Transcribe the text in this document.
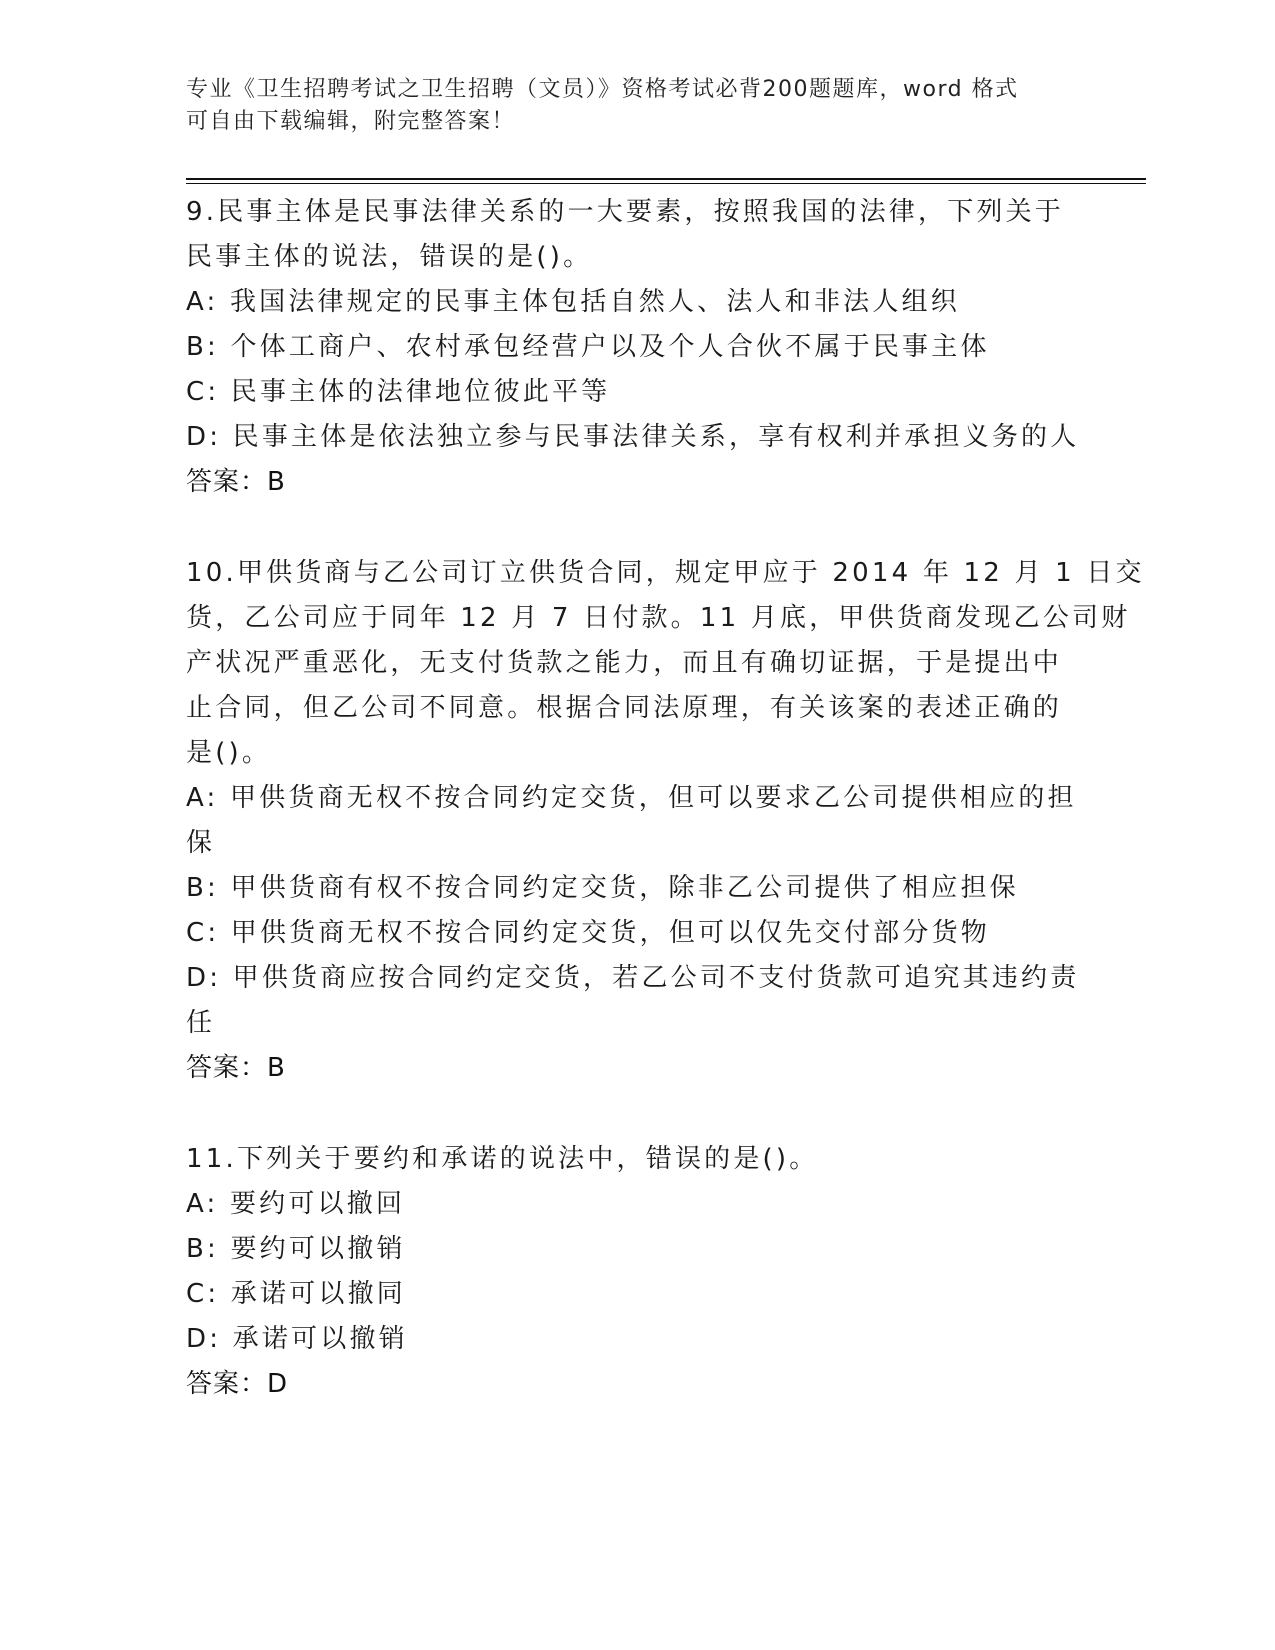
专业《卫生招聘考试之卫生招聘（文员）》资格考试必背200题题库，word 格式
可自由下载编辑，附完整答案！

9.民事主体是民事法律关系的一大要素，按照我国的法律，下列关于

民事主体的说法，错误的是()。

A: 我国法律规定的民事主体包括自然人、法人和非法人组织

B: 个体工商户、农村承包经营户以及个人合伙不属于民事主体

C: 民事主体的法律地位彼此平等

D: 民事主体是依法独立参与民事法律关系，享有权利并承担义务的人

答案：B

10.甲供货商与乙公司订立供货合同，规定甲应于 2014 年 12 月 1 日交

货，乙公司应于同年 12 月 7 日付款。11 月底，甲供货商发现乙公司财

产状况严重恶化，无支付货款之能力，而且有确切证据，于是提出中

止合同，但乙公司不同意。根据合同法原理，有关该案的表述正确的

是()。

A: 甲供货商无权不按合同约定交货，但可以要求乙公司提供相应的担

保

B: 甲供货商有权不按合同约定交货，除非乙公司提供了相应担保

C: 甲供货商无权不按合同约定交货，但可以仅先交付部分货物

D: 甲供货商应按合同约定交货，若乙公司不支付货款可追究其违约责

任

答案：B

11.下列关于要约和承诺的说法中，错误的是()。

A: 要约可以撤回

B: 要约可以撤销

C: 承诺可以撤同

D: 承诺可以撤销

答案：D
